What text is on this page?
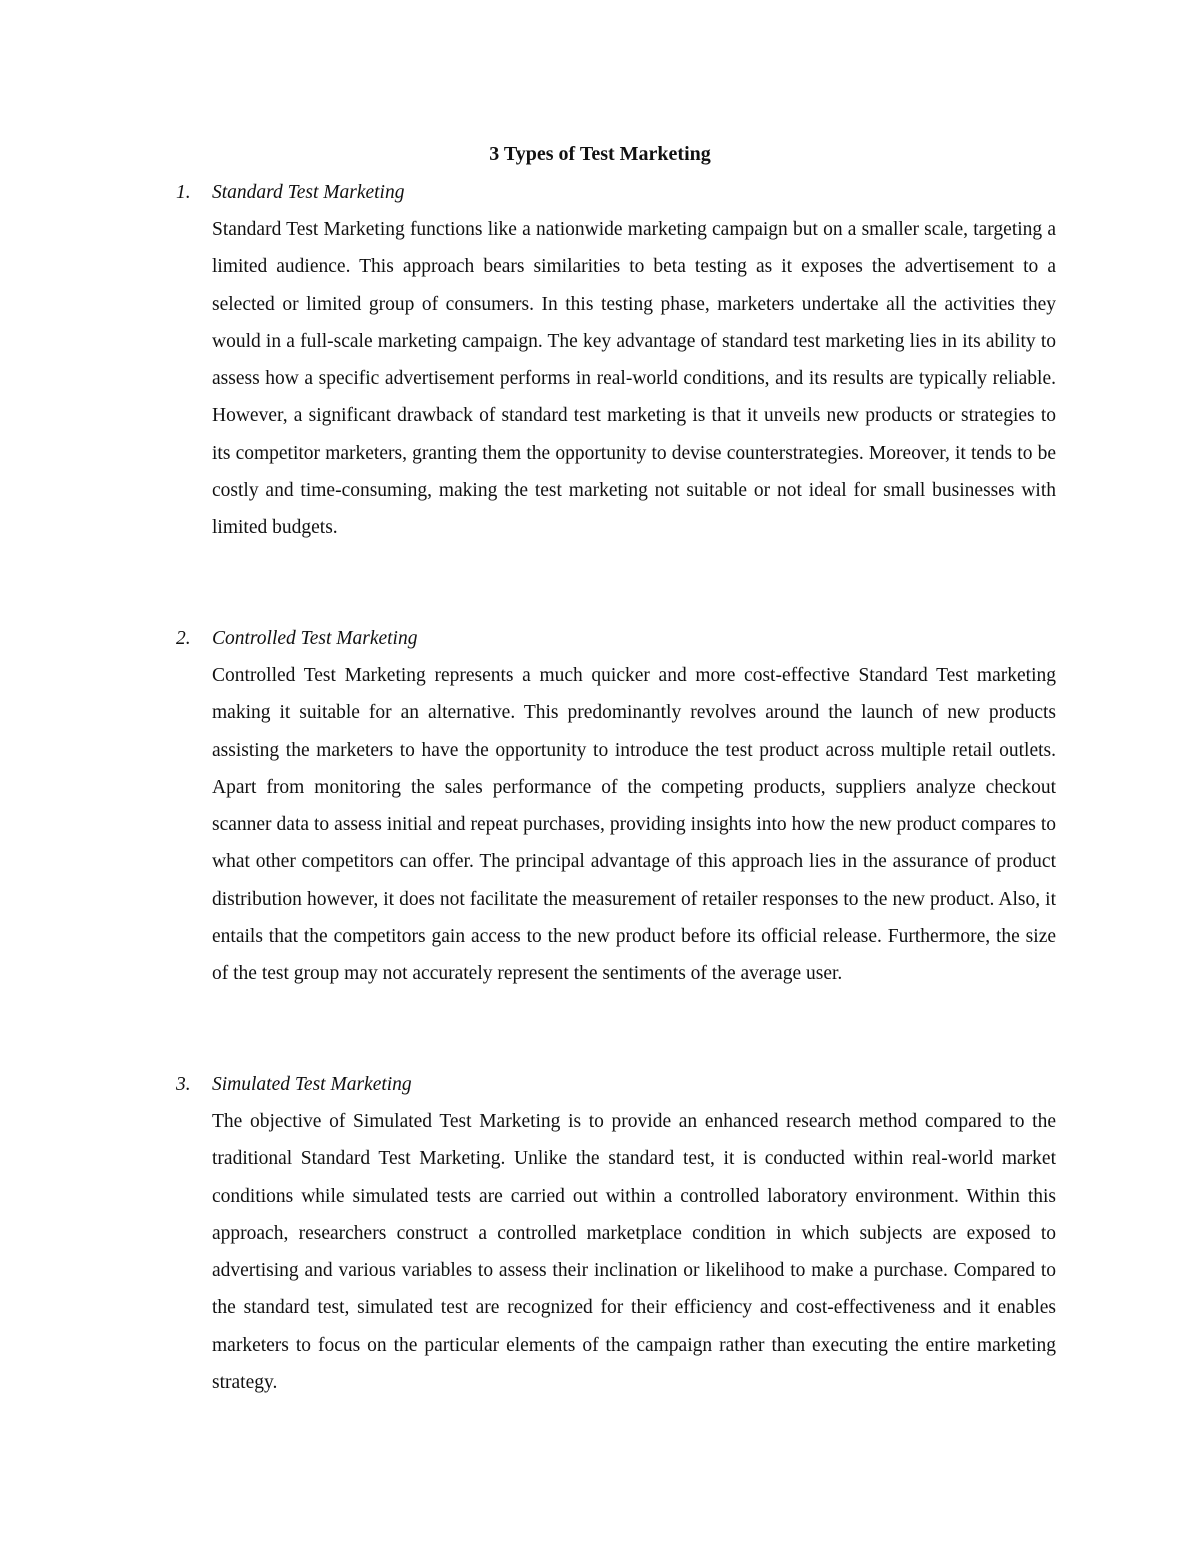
3 Types of Test Marketing
1.	Standard Test Marketing

Standard Test Marketing functions like a nationwide marketing campaign but on a smaller scale, targeting a limited audience. This approach bears similarities to beta testing as it exposes the advertisement to a selected or limited group of consumers. In this testing phase, marketers undertake all the activities they would in a full-scale marketing campaign. The key advantage of standard test marketing lies in its ability to assess how a specific advertisement performs in real-world conditions, and its results are typically reliable. However, a significant drawback of standard test marketing is that it unveils new products or strategies to its competitor marketers, granting them the opportunity to devise counterstrategies. Moreover, it tends to be costly and time-consuming, making the test marketing not suitable or not ideal for small businesses with limited budgets.

2.	Controlled Test Marketing

Controlled Test Marketing represents a much quicker and more cost-effective Standard Test marketing making it suitable for an alternative. This predominantly revolves around the launch of new products assisting the marketers to have the opportunity to introduce the test product across multiple retail outlets. Apart from monitoring the sales performance of the competing products, suppliers analyze checkout scanner data to assess initial and repeat purchases, providing insights into how the new product compares to what other competitors can offer. The principal advantage of this approach lies in the assurance of product distribution however, it does not facilitate the measurement of retailer responses to the new product. Also, it entails that the competitors gain access to the new product before its official release. Furthermore, the size of the test group may not accurately represent the sentiments of the average user.

3.	Simulated Test Marketing

The objective of Simulated Test Marketing is to provide an enhanced research method compared to the traditional Standard Test Marketing. Unlike the standard test, it is conducted within real-world market conditions while simulated tests are carried out within a controlled laboratory environment. Within this approach, researchers construct a controlled marketplace condition in which subjects are exposed to advertising and various variables to assess their inclination or likelihood to make a purchase. Compared to the standard test, simulated test are recognized for their efficiency and cost-effectiveness and it enables marketers to focus on the particular elements of the campaign rather than executing the entire marketing strategy.
